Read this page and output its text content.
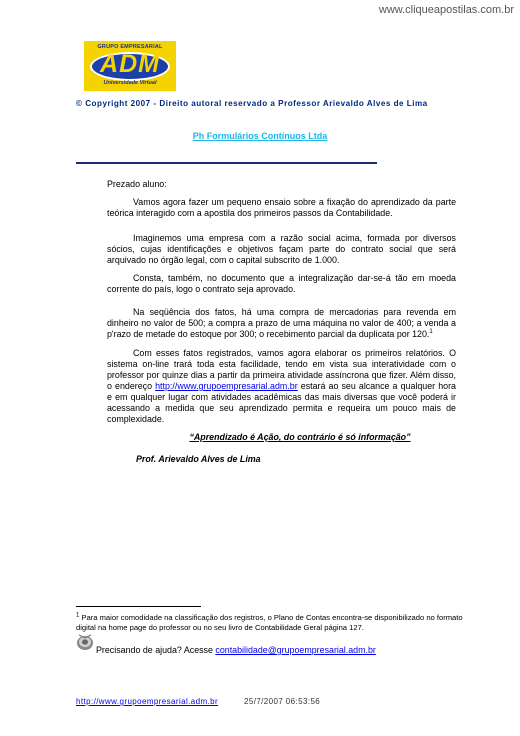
www.cliqueapostilas.com.br
GRUPO EMPRESARIAL
ADM
Universidade Virtual
© Copyright 2007 - Direito autoral reservado a Professor Arievaldo Alves de Lima
Ph Formulários Contínuos Ltda
Prezado aluno:
Vamos agora fazer um pequeno ensaio sobre a fixação do aprendizado da parte teórica interagido com a apostila dos primeiros passos da Contabilidade.
Imaginemos uma empresa com a razão social acima, formada por diversos sócios, cujas identificações e objetivos façam parte do contrato social que será arquivado no órgão legal, com o capital subscrito de 1.000.
Consta, também, no documento que a integralização dar-se-á tão em moeda corrente do país, logo o contrato seja aprovado.
Na seqüência dos fatos, há uma compra de mercadorias para revenda em dinheiro no valor de 500; a compra a prazo de uma máquina no valor de 400; a venda a p'razo de metade do estoque por 300; o recebimento parcial da duplicata por 120.$^1$
Com esses fatos registrados, vamos agora elaborar os primeiros relatórios. O sistema on-line trará toda esta facilidade, tendo em vista sua interatividade com o professor por quinze dias a partir da primeira atividade assíncrona que fizer. Além disso, o endereço http://www.grupoempresarial.adm.br estará ao seu alcance a qualquer hora e em qualquer lugar com atividades acadêmicas das mais diversas que você poderá ir acessando a medida que seu aprendizado permita e requeira um pouco mais de complexidade.
“Aprendizado é Ação, do contrário é só informação”
Prof. Arievaldo Alves de Lima
$^1$ Para maior comodidade na classificação dos registros, o Plano de Contas encontra-se disponibilizado no formato digital na home page do professor ou no seu livro de Contabilidade Geral página 127.
Precisando de ajuda? Acesse contabilidade@grupoempresarial.adm.br
http://www.grupoempresarial.adm.br	25/7/2007 06:53:56
